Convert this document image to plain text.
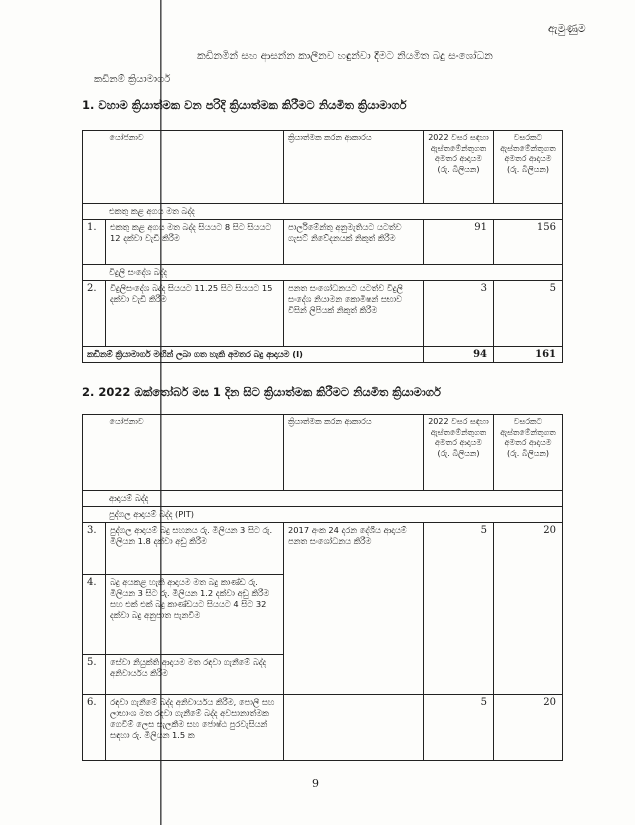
ඇමුණුම
කඩිනමින් සහ ආසන්න කාලීනව හඳුන්වා දීමට නියමිත බදු සංශෝධන
කඩිනම් ක්‍රියාමාර්ග
1. වහාම ක්‍රියාත්මක වන පරිදි ක්‍රියාත්මක කිරීමට නියමිත ක්‍රියාමාර්ග
	යෝජනාව	ක්‍රියාත්මක කරන ආකාරය	2022 වසර සඳහා ඇස්තමේන්තුගත අමතර ආදායම (රු. බිලියන)	වසරකට ඇස්තමේන්තුගත අමතර ආදායම (රු. බිලියන)
එකතු කළ අගය මත බද්ද				
1.	එකතු කළ අගය මත බද්ද සියයට 8 සිට සියයට 12 දක්වා වැඩි කිරීම	පාර්ලිමේන්තු අනුමැතියට යටත්ව ගැසට් නිවේදනයක් නිකුත් කිරීම	91	156
විදුලි සංදේශ බද්ද				
2.	විදුලිසංදේශ බද්ද සියයට 11.25 සිට සියයට 15 දක්වා වැඩි කිරීම	පනත සංශෝධනයට යටත්ව විදුලි සංදේශ නියාමන කොමිෂන් සභාව විසින් ලිපියක් නිකුත් කිරීම	3	5
කඩිනම් ක්‍රියාමාර්ග මඟින් ලබා ගත හැකි අමතර බදු ආදායම (I)			94	161
2. 2022 ඔක්තෝබර් මස 1 දින සිට ක්‍රියාත්මක කිරීමට නියමිත ක්‍රියාමාර්ග
	යෝජනාව	ක්‍රියාත්මක කරන ආකාරය	2022 වසර සඳහා ඇස්තමේන්තුගත අමතර ආදායම (රු. බිලියන)	වසරකට ඇස්තමේන්තුගත අමතර ආදායම (රු. බිලියන)
ආදායම් බද්ද				
පුද්ගල ආදායම් බද්ද (PIT)				
3.	පුද්ගල ආදායම් බදු සහනය රු. මිලියන 3 සිට රු. මිලියන 1.8 දක්වා අඩු කිරීම	2017 අංක 24 දරන දේශීය ආදායම් පනත සංශෝධනය කිරීම	5	20
4.	බදු අයකළ හැකි ආදායම මත බදු කාණ්ඩ රු. මිලියන 3 සිට රු. මිලියන 1.2 දක්වා අඩු කිරීම සහ එක් එක් බදු කාණ්ඩයට සියයට 4 සිට 32 දක්වා බදු අනුපාත පැනවීම			
5.	සේවා නියුක්ති ආදායම මත රඳවා ගැනීමේ බද්ද අනිවාර්යය කිරීම			
6.	රඳවා ගැනීමේ බද්ද අනිවාර්යය කිරීම, පොලී සහ ලාභාංශ මත රඳවා ගැනීමේ බද්ද අවසානාත්මක ගෙවීම් ලෙස සැලකීම සහ ජොෂ්ඨ පුරවැසියන් සඳහා රු. මිලියන 1.5 ක		5	20
9
